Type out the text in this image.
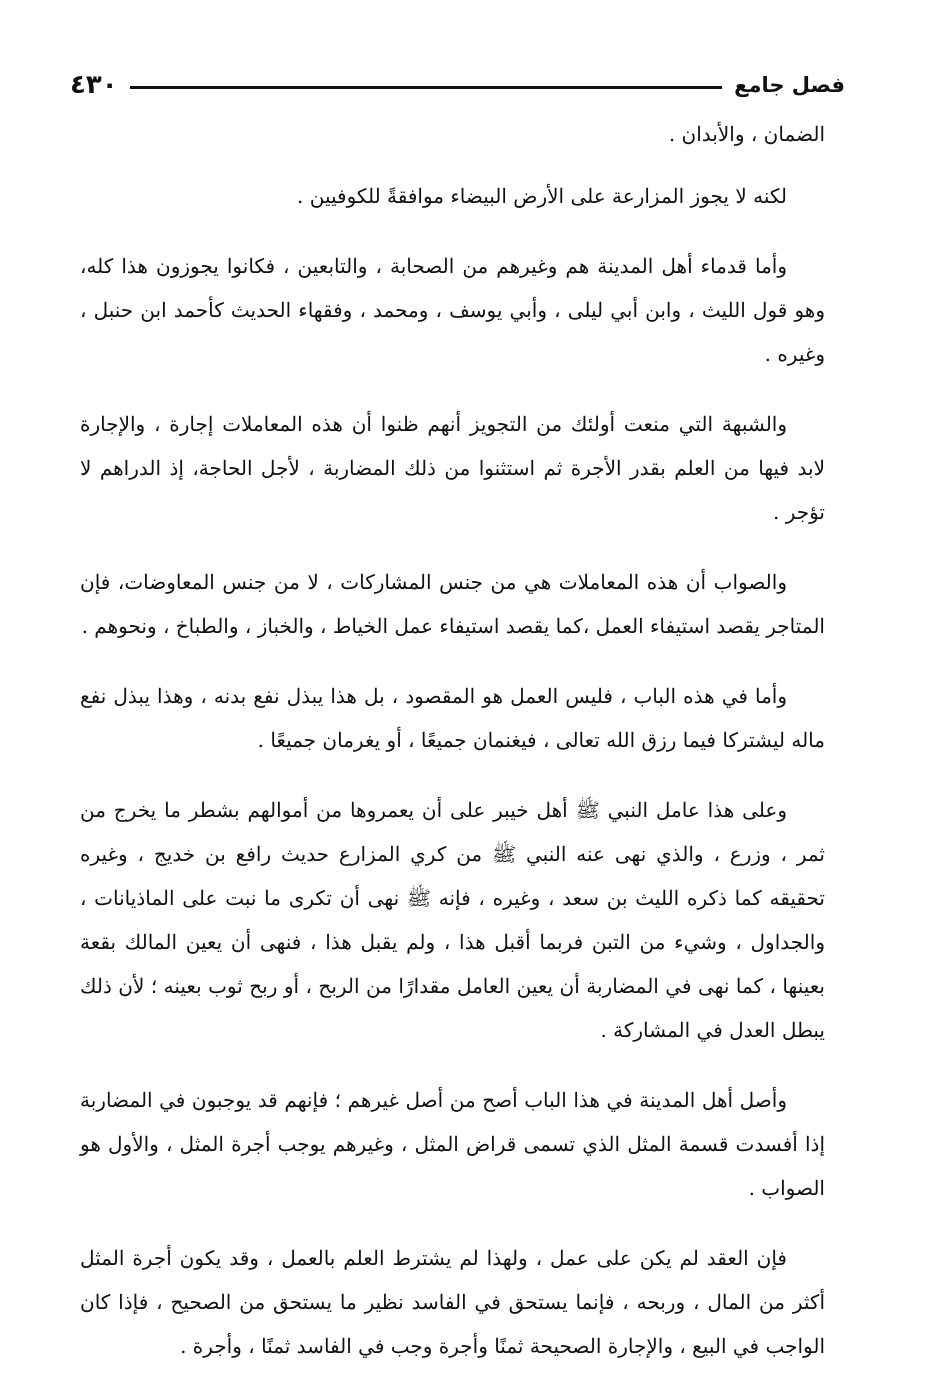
فصل جامع
٤٣٠

الضمان ، والأبدان .

لكنه لا يجوز المزارعة على الأرض البيضاء موافقةً للكوفيين .

وأما قدماء أهل المدينة هم وغيرهم من الصحابة ، والتابعين ، فكانوا يجوزون هذا كله، وهو قول الليث ، وابن أبي ليلى ، وأبي يوسف ، ومحمد ، وفقهاء الحديث كأحمد ابن حنبل ، وغيره .

والشبهة التي منعت أولئك من التجويز أنهم ظنوا أن هذه المعاملات إجارة ، والإجارة لابد فيها من العلم بقدر الأجرة ثم استثنوا من ذلك المضاربة ، لأجل الحاجة، إذ الدراهم لا تؤجر .

والصواب أن هذه المعاملات هي من جنس المشاركات ، لا من جنس المعاوضات، فإن المتاجر يقصد استيفاء العمل ،كما يقصد استيفاء عمل الخياط ، والخباز ، والطباخ ، ونحوهم .

وأما في هذه الباب ، فليس العمل هو المقصود ، بل هذا يبذل نفع بدنه ، وهذا يبذل نفع ماله ليشتركا فيما رزق الله تعالى ، فيغنمان جميعًا ، أو يغرمان جميعًا .

وعلى هذا عامل النبي ﷺ أهل خيبر على أن يعمروها من أموالهم بشطر ما يخرج من ثمر ، وزرع ، والذي نهى عنه النبي ﷺ من كري المزارع حديث رافع بن خديج ، وغيره تحقيقه كما ذكره الليث بن سعد ، وغيره ، فإنه ﷺ نهى أن تكرى ما نبت على الماذيانات ، والجداول ، وشيء من التبن فربما أقبل هذا ، ولم يقبل هذا ، فنهى أن يعين المالك بقعة بعينها ، كما نهى في المضاربة أن يعين العامل مقدارًا من الربح ، أو ربح ثوب بعينه ؛ لأن ذلك يبطل العدل في المشاركة .

وأصل أهل المدينة في هذا الباب أصح من أصل غيرهم ؛ فإنهم قد يوجبون في المضاربة إذا أفسدت قسمة المثل الذي تسمى قراض المثل ، وغيرهم يوجب أجرة المثل ، والأول هو الصواب .

فإن العقد لم يكن على عمل ، ولهذا لم يشترط العلم بالعمل ، وقد يكون أجرة المثل أكثر من المال ، وربحه ، فإنما يستحق في الفاسد نظير ما يستحق من الصحيح ، فإذا كان الواجب في البيع ، والإجارة الصحيحة ثمنًا وأجرة وجب في الفاسد ثمنًا ، وأجرة .
